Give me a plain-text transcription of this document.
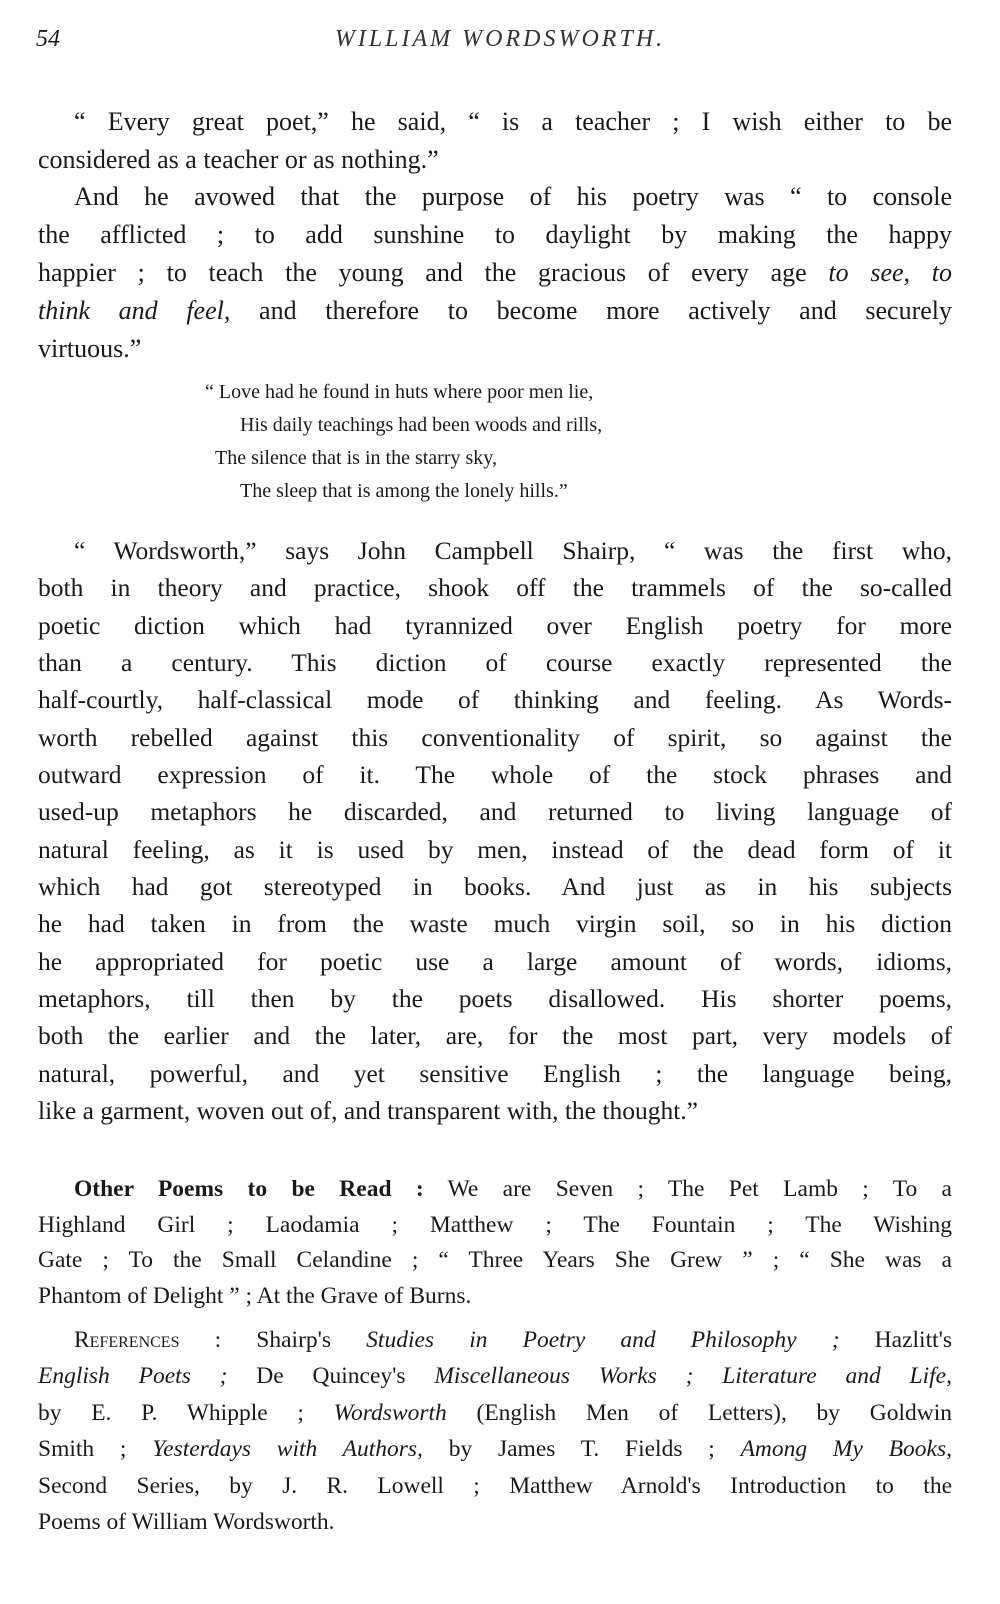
54	WILLIAM WORDSWORTH.
“ Every great poet,” he said, “ is a teacher ; I wish either to be
considered as a teacher or as nothing.”
And he avowed that the purpose of his poetry was “ to console
the afflicted ; to add sunshine to daylight by making the happy
happier ; to teach the young and the gracious of every age to see, to
think and feel, and therefore to become more actively and securely
virtuous.”
“ Love had he found in huts where poor men lie,
His daily teachings had been woods and rills,
The silence that is in the starry sky,
The sleep that is among the lonely hills.”
“ Wordsworth,” says John Campbell Shairp, “ was the first who,
both in theory and practice, shook off the trammels of the so-called
poetic diction which had tyrannized over English poetry for more
than a century. This diction of course exactly represented the
half-courtly, half-classical mode of thinking and feeling. As Words-
worth rebelled against this conventionality of spirit, so against the
outward expression of it. The whole of the stock phrases and
used-up metaphors he discarded, and returned to living language of
natural feeling, as it is used by men, instead of the dead form of it
which had got stereotyped in books. And just as in his subjects
he had taken in from the waste much virgin soil, so in his diction
he appropriated for poetic use a large amount of words, idioms,
metaphors, till then by the poets disallowed. His shorter poems,
both the earlier and the later, are, for the most part, very models of
natural, powerful, and yet sensitive English ; the language being,
like a garment, woven out of, and transparent with, the thought.”
Other Poems to be Read : We are Seven ; The Pet Lamb ; To a
Highland Girl ; Laodamia ; Matthew ; The Fountain ; The Wishing
Gate ; To the Small Celandine ; “ Three Years She Grew ” ; “ She was a
Phantom of Delight ” ; At the Grave of Burns.
References : Shairp's Studies in Poetry and Philosophy ; Hazlitt's
English Poets ; De Quincey's Miscellaneous Works ; Literature and Life,
by E. P. Whipple ; Wordsworth (English Men of Letters), by Goldwin
Smith ; Yesterdays with Authors, by James T. Fields ; Among My Books,
Second Series, by J. R. Lowell ; Matthew Arnold's Introduction to the
Poems of William Wordsworth.
